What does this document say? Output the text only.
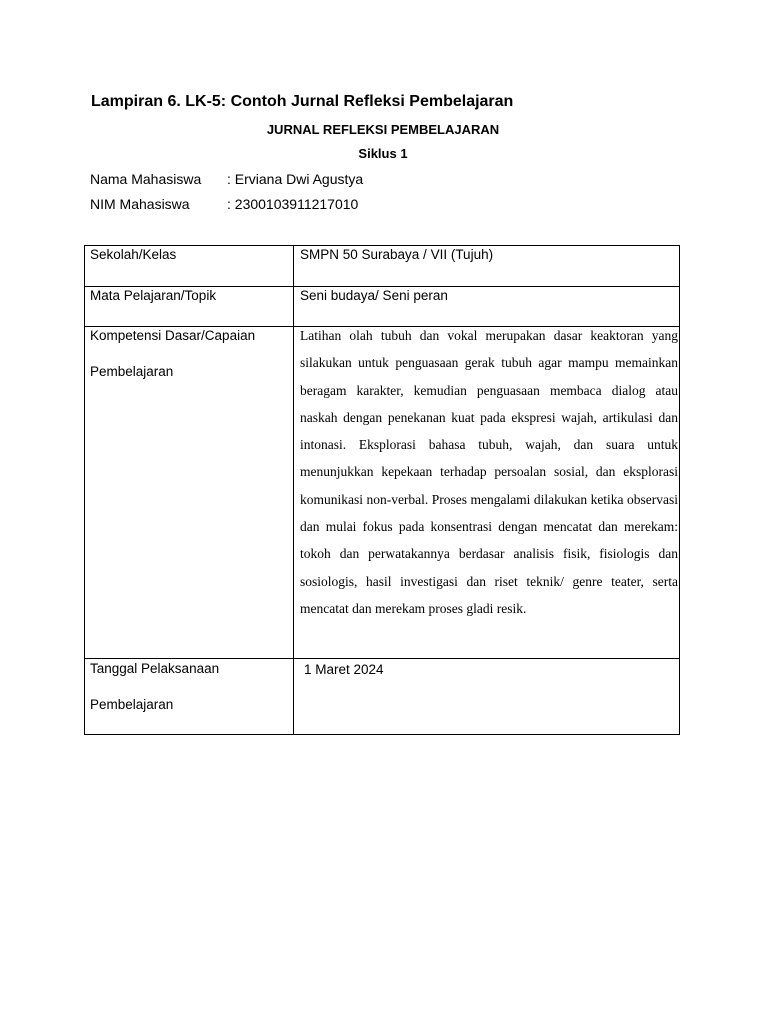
Lampiran 6. LK-5: Contoh Jurnal Refleksi Pembelajaran
JURNAL REFLEKSI PEMBELAJARAN
Siklus 1
Nama Mahasiswa : Erviana Dwi Agustya
NIM Mahasiswa	: 2300103911217010
Sekolah/Kelas	SMPN 50 Surabaya / VII (Tujuh)

Mata Pelajaran/Topik	Seni budaya/ Seni peran

Kompetensi Dasar/Capaian
Pembelajaran	Latihan olah tubuh dan vokal merupakan dasar keaktoran yang silakukan untuk penguasaan gerak tubuh agar mampu memainkan beragam karakter, kemudian penguasaan membaca dialog atau naskah dengan penekanan kuat pada ekspresi wajah, artikulasi dan intonasi. Eksplorasi bahasa tubuh, wajah, dan suara untuk menunjukkan kepekaan terhadap persoalan sosial, dan eksplorasi komunikasi non-verbal. Proses mengalami dilakukan ketika observasi dan mulai fokus pada konsentrasi dengan mencatat dan merekam: tokoh dan perwatakannya berdasar analisis fisik, fisiologis dan sosiologis, hasil investigasi dan riset teknik/ genre teater, serta mencatat dan merekam proses gladi resik.

Tanggal Pelaksanaan
Pembelajaran	1 Maret 2024
